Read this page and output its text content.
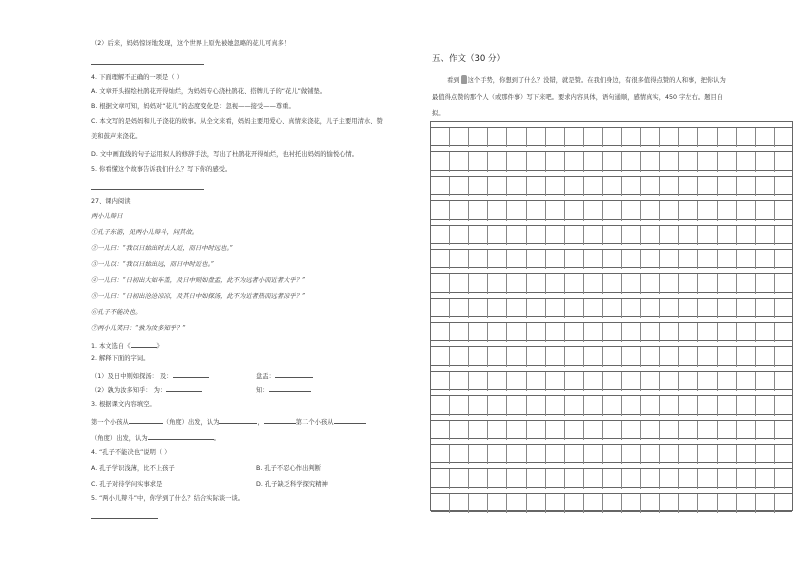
（2）后来，妈妈惊讶地发现，这个世界上原先被她忽略的花儿可真多！
4. 下面理解不正确的一项是（ ）
A. 文章开头描绘杜鹃花开得灿烂，为妈妈专心浇杜鹃花、搭牌儿子的“花儿”做铺垫。
B. 根据文章可知，妈妈对“花儿”的态度变化是：忽视——接受——尊重。
C. 本文写的是妈妈和儿子浇花的故事。从全文来看，妈妈主要用爱心、真情来浇花，儿子主要用清水、赞
美和鼓声来浇花。
D. 文中画直线的句子运用拟人的修辞手法，写出了杜鹃花开得灿烂，也衬托出妈妈的愉悦心情。
5. 你看懂这个故事告诉我们什么？写下你的感受。
27、课内阅读
两小儿辩日
①孔子东游，见两小儿辩斗，问其故。
②一儿曰：“我以日始出时去人近，而日中时远也。”
③一儿以：“我以日始出远，而日中时近也。”
④一儿曰：“日初出大如车盖，及日中则如盘盂，此不为远者小而近者大乎？”
⑤一儿曰：“日初出沧沧凉凉，及其日中如探汤，此不为近者热而远者凉乎？”
⑥孔子不能决也。
⑦两小儿笑曰：“孰为汝多知乎？”
1. 本文选自《	》
2. 解释下面的字词。
（1）及日中则如探汤： 及：	盘盂：
（2）孰为汝多知乎： 为：	知：
3. 根据课文内容填空。
第一个小孩从	（角度）出发，认为	，	第二个小孩从
（角度）出发，认为	。
4. “孔子不能决也”说明（ ）
A. 孔子学识浅薄，比不上孩子	B. 孔子不忍心作出判断
C. 孔子对待学问实事求是	D. 孔子缺乏科学探究精神
5. “两小儿辩斗”中，你学到了什么？结合实际谈一谈。
五、作文（30 分）
看到 这个手势，你想到了什么？没错，就是赞。在我们身边，有很多值得点赞的人和事，把你认为
最值得点赞的那个人（或那件事）写下来吧。要求内容具体，语句通顺，感情真实，450 字左右。题目自
拟。
